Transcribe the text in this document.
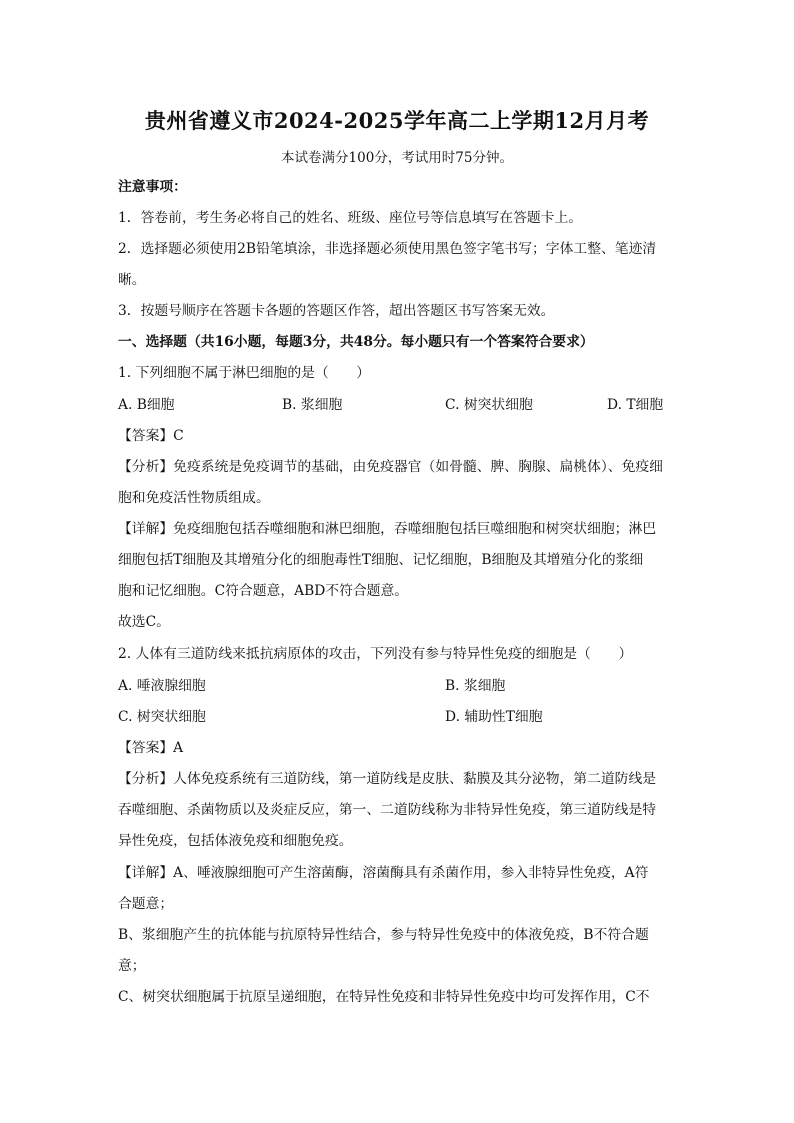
贵州省遵义市2024-2025学年高二上学期12月月考
本试卷满分100分，考试用时75分钟。
注意事项：
1．答卷前，考生务必将自己的姓名、班级、座位号等信息填写在答题卡上。
2．选择题必须使用2B铅笔填涂，非选择题必须使用黑色签字笔书写；字体工整、笔迹清
晰。
3．按题号顺序在答题卡各题的答题区作答，超出答题区书写答案无效。
一、选择题（共16小题，每题3分，共48分。每小题只有一个答案符合要求）
1. 下列细胞不属于淋巴细胞的是（　　）
A. B细胞	B. 浆细胞	C. 树突状细胞	D. T细胞
【答案】C
【分析】免疫系统是免疫调节的基础，由免疫器官（如骨髓、脾、胸腺、扁桃体）、免疫细
胞和免疫活性物质组成。
【详解】免疫细胞包括吞噬细胞和淋巴细胞，吞噬细胞包括巨噬细胞和树突状细胞；淋巴
细胞包括T细胞及其增殖分化的细胞毒性T细胞、记忆细胞，B细胞及其增殖分化的浆细
胞和记忆细胞。C符合题意，ABD不符合题意。
故选C。
2. 人体有三道防线来抵抗病原体的攻击，下列没有参与特异性免疫的细胞是（　　）
A. 唾液腺细胞	B. 浆细胞
C. 树突状细胞	D. 辅助性T细胞
【答案】A
【分析】人体免疫系统有三道防线，第一道防线是皮肤、黏膜及其分泌物，第二道防线是
吞噬细胞、杀菌物质以及炎症反应，第一、二道防线称为非特异性免疫，第三道防线是特
异性免疫，包括体液免疫和细胞免疫。
【详解】A、唾液腺细胞可产生溶菌酶，溶菌酶具有杀菌作用，参入非特异性免疫，A符
合题意；
B、浆细胞产生的抗体能与抗原特异性结合，参与特异性免疫中的体液免疫，B不符合题
意；
C、树突状细胞属于抗原呈递细胞，在特异性免疫和非特异性免疫中均可发挥作用，C不
